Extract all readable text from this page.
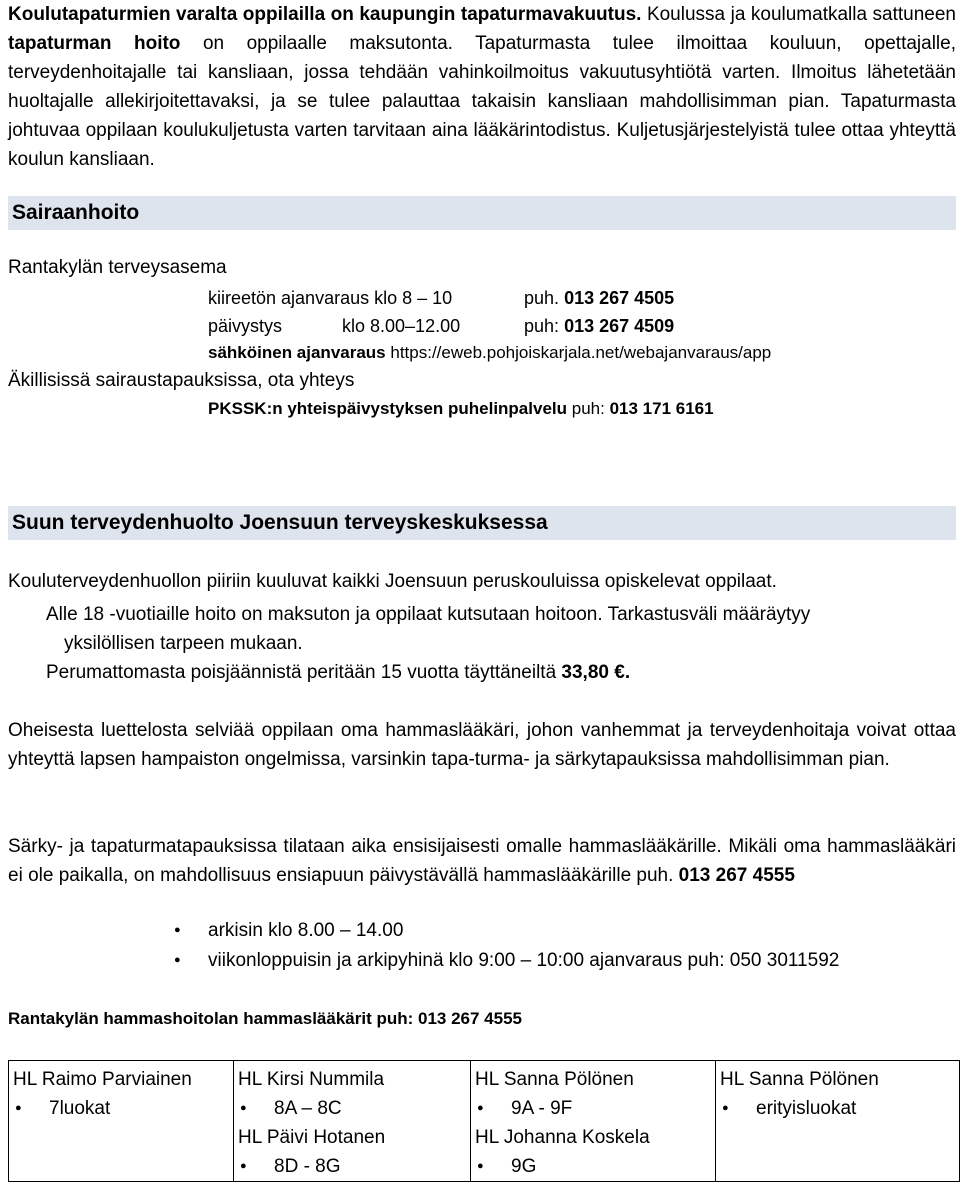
Koulutapaturmien varalta oppilailla on kaupungin tapaturmavakuutus. Koulussa ja koulumatkalla sattuneen tapaturman hoito on oppilaalle maksutonta. Tapaturmasta tulee ilmoittaa kouluun, opettajalle, terveydenhoitajalle tai kansliaan, jossa tehdään vahinkoilmoitus vakuutusyhtiötä varten. Ilmoitus lähetetään huoltajalle allekirjoitettavaksi, ja se tulee palauttaa takaisin kansliaan mahdollisimman pian. Tapaturmasta johtuvaa oppilaan koulukuljetusta varten tarvitaan aina lääkärintodistus. Kuljetusjärjestelyistä tulee ottaa yhteyttä koulun kansliaan.

Sairaanhoito
Rantakylän terveysasema
kiireetön ajanvaraus klo 8 – 10	puh. 013 267 4505
päivystys	klo 8.00–12.00	puh: 013 267 4509
sähköinen ajanvaraus https://eweb.pohjoiskarjala.net/webajanvaraus/app
Äkillisissä sairaustapauksissa, ota yhteys
PKSSK:n yhteispäivystyksen puhelinpalvelu puh: 013 171 6161
Suun terveydenhuolto Joensuun terveyskeskuksessa
Kouluterveydenhuollon piiriin kuuluvat kaikki Joensuun peruskouluissa opiskelevat oppilaat.
● Alle 18 -vuotiaille hoito on maksuton ja oppilaat kutsutaan hoitoon. Tarkastusväli määräytyy yksilöllisen tarpeen mukaan.
● Perumattomasta poisjäännistä peritään 15 vuotta täyttäneiltä 33,80 €.

Oheisesta luettelosta selviää oppilaan oma hammaslääkäri, johon vanhemmat ja terveydenhoitaja voivat ottaa yhteyttä lapsen hampaiston ongelmissa, varsinkin tapa-turma- ja särkytapauksissa mahdollisimman pian.

Särky- ja tapaturmatapauksissa tilataan aika ensisijaisesti omalle hammaslääkärille. Mikäli oma hammaslääkäri ei ole paikalla, on mahdollisuus ensiapuun päivystävällä hammaslääkärille puh. 013 267 4555

● arkisin klo 8.00 – 14.00
● viikonloppuisin ja arkipyhinä klo 9:00 – 10:00 ajanvaraus puh: 050 3011592
Rantakylän hammashoitolan hammaslääkärit puh: 013 267 4555
HL Raimo Parviainen
● 7luokat

HL Kirsi Nummila
● 8A – 8C
HL Päivi Hotanen
● 8D - 8G

HL Sanna Pölönen
● 9A - 9F
HL Johanna Koskela
● 9G

HL Sanna Pölönen
● erityisluokat
